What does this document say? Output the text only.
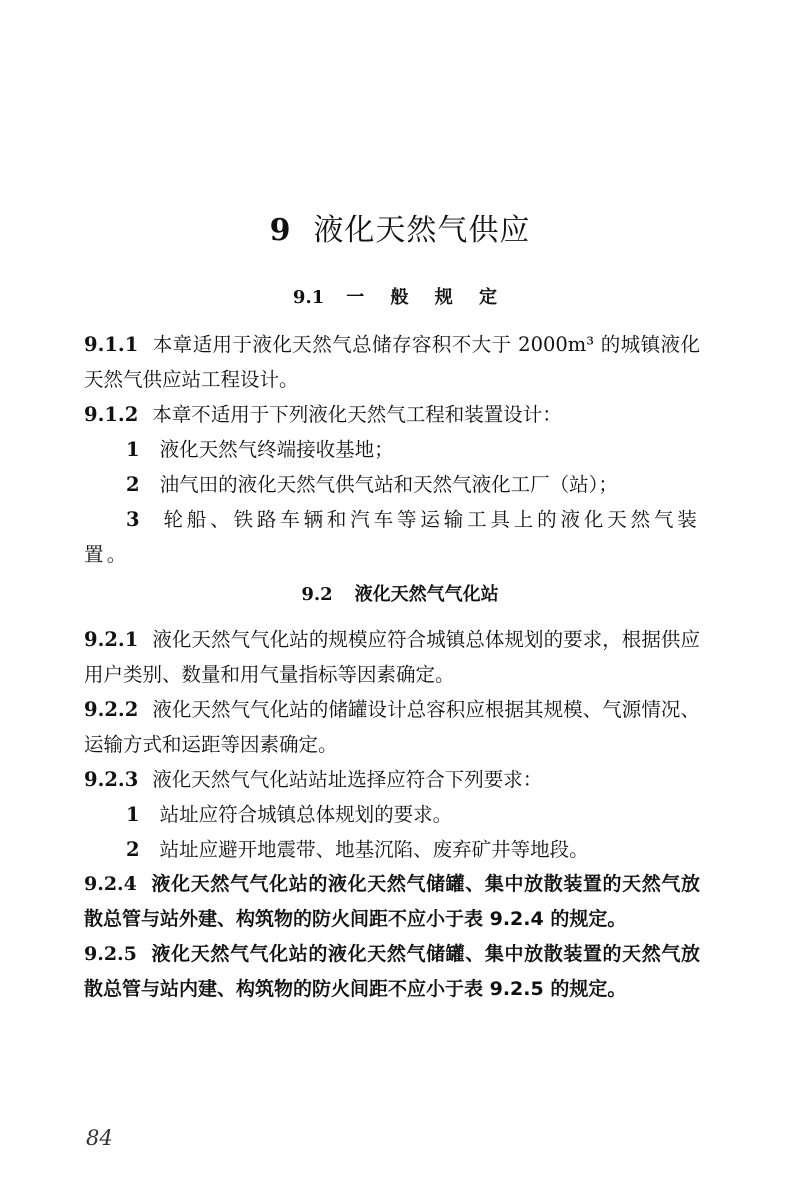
9 液化天然气供应
9.1 一 般 规 定

9.1.1 本章适用于液化天然气总储存容积不大于 2000m³ 的城镇液化天然气供应站工程设计。

9.1.2 本章不适用于下列液化天然气工程和装置设计：

1 液化天然气终端接收基地；

2 油气田的液化天然气供气站和天然气液化工厂（站）；

3 轮船、铁路车辆和汽车等运输工具上的液化天然气装置。

9.2 液化天然气气化站

9.2.1 液化天然气气化站的规模应符合城镇总体规划的要求，根据供应用户类别、数量和用气量指标等因素确定。

9.2.2 液化天然气气化站的储罐设计总容积应根据其规模、气源情况、运输方式和运距等因素确定。

9.2.3 液化天然气气化站站址选择应符合下列要求：

1 站址应符合城镇总体规划的要求。

2 站址应避开地震带、地基沉陷、废弃矿井等地段。

9.2.4 液化天然气气化站的液化天然气储罐、集中放散装置的天然气放散总管与站外建、构筑物的防火间距不应小于表 9.2.4 的规定。

9.2.5 液化天然气气化站的液化天然气储罐、集中放散装置的天然气放散总管与站内建、构筑物的防火间距不应小于表 9.2.5 的规定。

84
